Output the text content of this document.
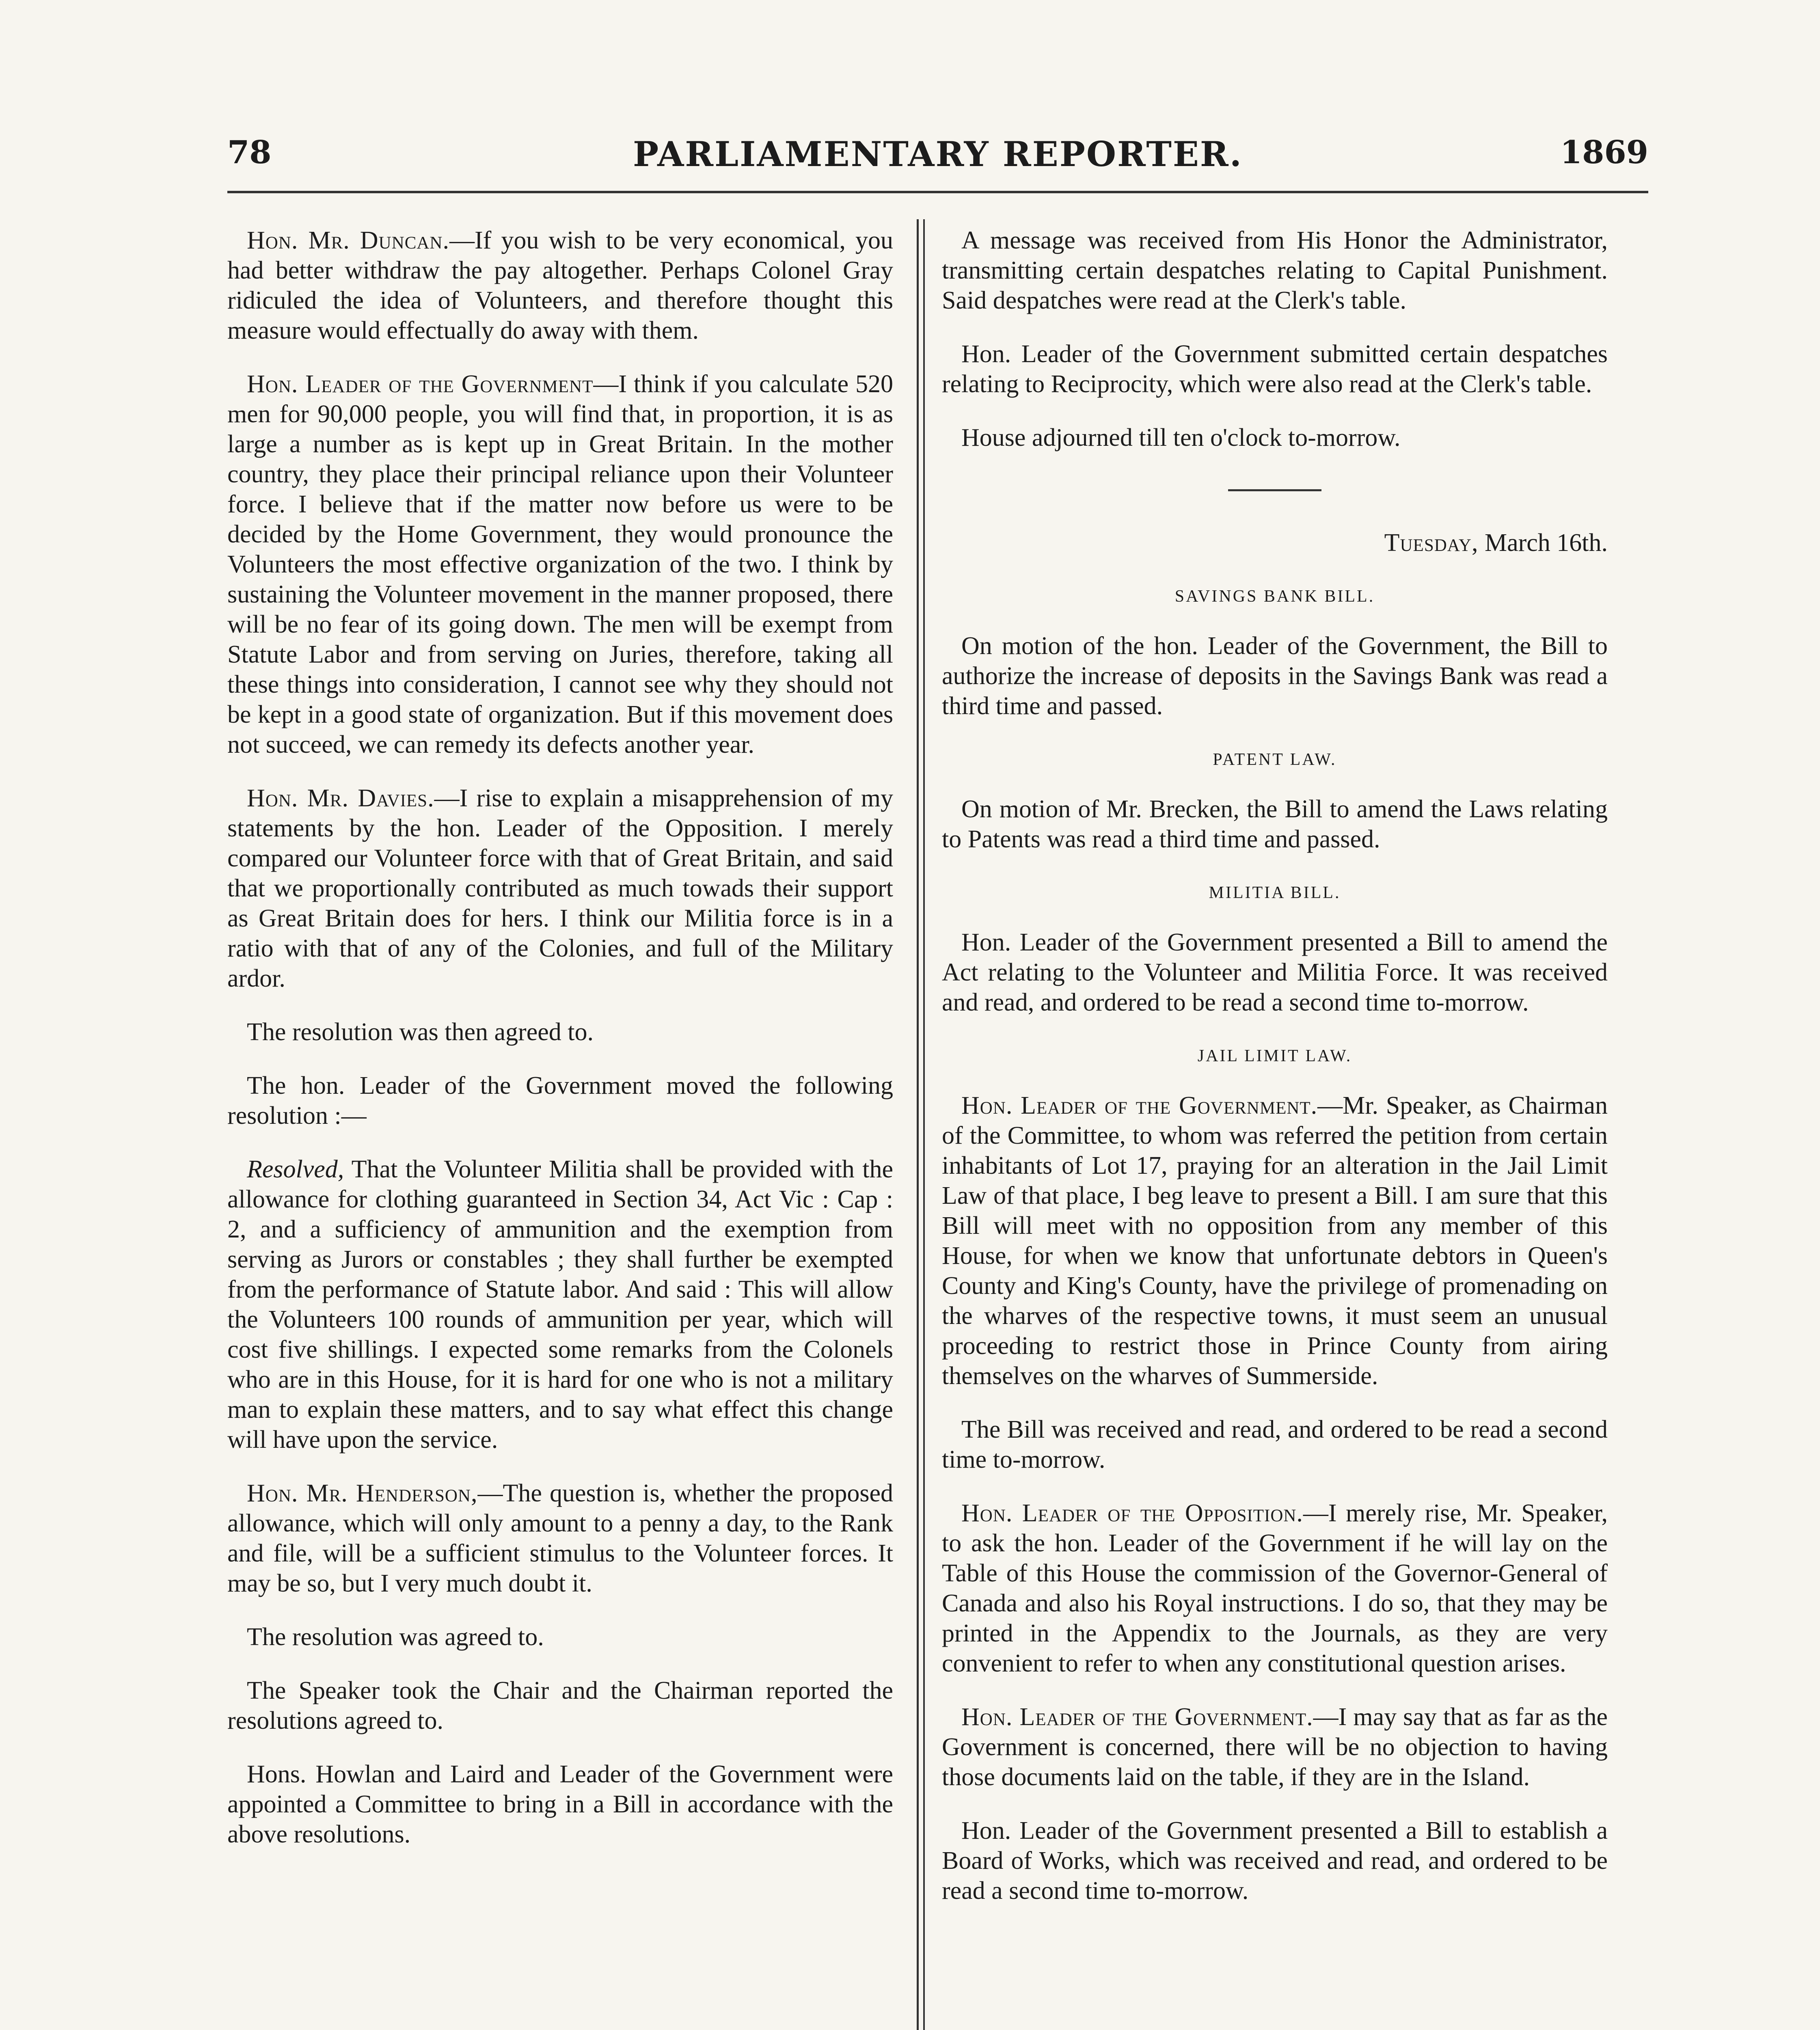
78	PARLIAMENTARY REPORTER.	1869

Hon. Mr. Duncan.—If you wish to be very economical, you had better withdraw the pay altogether. Perhaps Colonel Gray ridiculed the idea of Volunteers, and therefore thought this measure would effectually do away with them.

Hon. Leader of the Government—I think if you calculate 520 men for 90,000 people, you will find that, in proportion, it is as large a number as is kept up in Great Britain. In the mother country, they place their principal reliance upon their Volunteer force. I believe that if the matter now before us were to be decided by the Home Government, they would pronounce the Volunteers the most effective organization of the two. I think by sustaining the Volunteer movement in the manner proposed, there will be no fear of its going down. The men will be exempt from Statute Labor and from serving on Juries, therefore, taking all these things into consideration, I cannot see why they should not be kept in a good state of organization. But if this movement does not succeed, we can remedy its defects another year.

Hon. Mr. Davies.—I rise to explain a misapprehension of my statements by the hon. Leader of the Opposition. I merely compared our Volunteer force with that of Great Britain, and said that we proportionally contributed as much towads their support as Great Britain does for hers. I think our Militia force is in a ratio with that of any of the Colonies, and full of the Military ardor.

The resolution was then agreed to.

The hon. Leader of the Government moved the following resolution :—

Resolved, That the Volunteer Militia shall be provided with the allowance for clothing guaranteed in Section 34, Act Vic : Cap : 2, and a sufficiency of ammunition and the exemption from serving as Jurors or constables ; they shall further be exempted from the performance of Statute labor. And said : This will allow the Volunteers 100 rounds of ammunition per year, which will cost five shillings. I expected some remarks from the Colonels who are in this House, for it is hard for one who is not a military man to explain these matters, and to say what effect this change will have upon the service.

Hon. Mr. Henderson,—The question is, whether the proposed allowance, which will only amount to a penny a day, to the Rank and file, will be a sufficient stimulus to the Volunteer forces. It may be so, but I very much doubt it.

The resolution was agreed to.

The Speaker took the Chair and the Chairman reported the resolutions agreed to.

Hons. Howlan and Laird and Leader of the Government were appointed a Committee to bring in a Bill in accordance with the above resolutions.

A message was received from His Honor the Administrator, transmitting certain despatches relating to Capital Punishment. Said despatches were read at the Clerk's table.

Hon. Leader of the Government submitted certain despatches relating to Reciprocity, which were also read at the Clerk's table.

House adjourned till ten o'clock to-morrow.

Tuesday, March 16th.

SAVINGS BANK BILL.

On motion of the hon. Leader of the Government, the Bill to authorize the increase of deposits in the Savings Bank was read a third time and passed.

PATENT LAW.

On motion of Mr. Brecken, the Bill to amend the Laws relating to Patents was read a third time and passed.

MILITIA BILL.

Hon. Leader of the Government presented a Bill to amend the Act relating to the Volunteer and Militia Force. It was received and read, and ordered to be read a second time to-morrow.

JAIL LIMIT LAW.

Hon. Leader of the Government.—Mr. Speaker, as Chairman of the Committee, to whom was referred the petition from certain inhabitants of Lot 17, praying for an alteration in the Jail Limit Law of that place, I beg leave to present a Bill. I am sure that this Bill will meet with no opposition from any member of this House, for when we know that unfortunate debtors in Queen's County and King's County, have the privilege of promenading on the wharves of the respective towns, it must seem an unusual proceeding to restrict those in Prince County from airing themselves on the wharves of Summerside.

The Bill was received and read, and ordered to be read a second time to-morrow.

Hon. Leader of the Opposition.—I merely rise, Mr. Speaker, to ask the hon. Leader of the Government if he will lay on the Table of this House the commission of the Governor-General of Canada and also his Royal instructions. I do so, that they may be printed in the Appendix to the Journals, as they are very convenient to refer to when any constitutional question arises.

Hon. Leader of the Government.—I may say that as far as the Government is concerned, there will be no objection to having those documents laid on the table, if they are in the Island.

Hon. Leader of the Government presented a Bill to establish a Board of Works, which was received and read, and ordered to be read a second time to-morrow.
